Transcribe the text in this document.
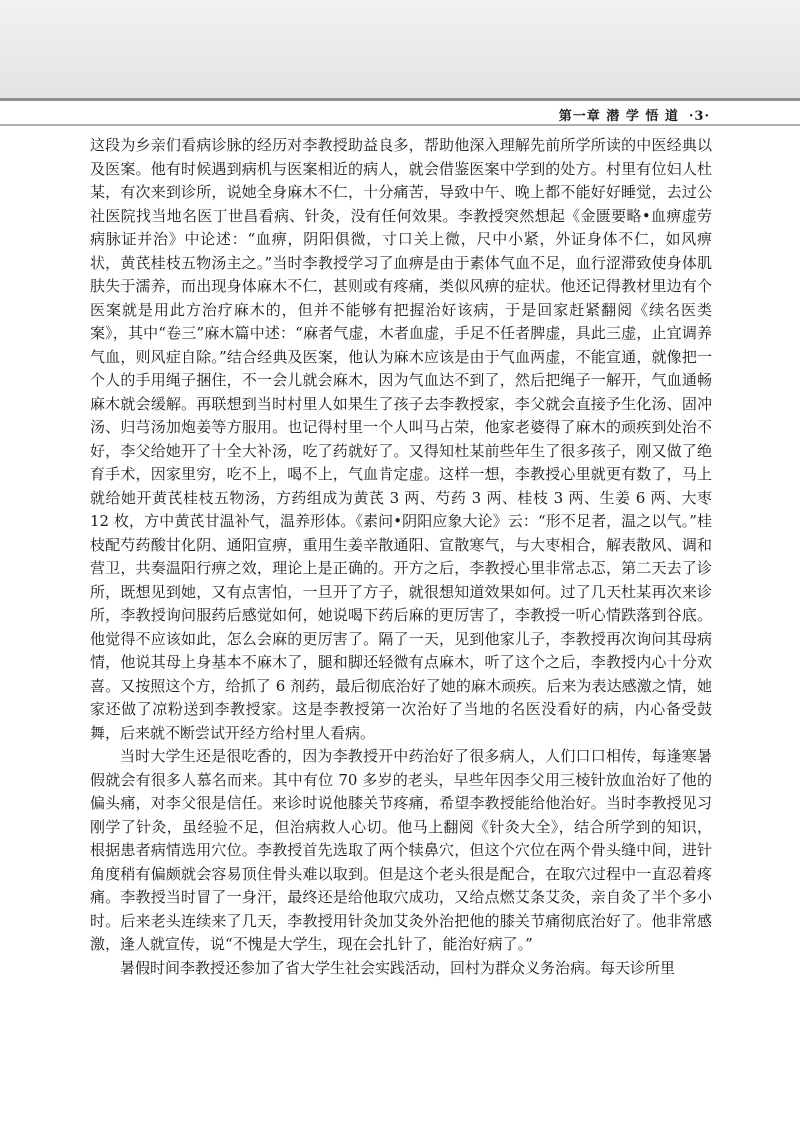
第一章 潜 学 悟 道 ·3·

这段为乡亲们看病诊脉的经历对李教授助益良多，帮助他深入理解先前所学所读的中医经典以及医案。他有时候遇到病机与医案相近的病人，就会借鉴医案中学到的处方。村里有位妇人杜某，有次来到诊所，说她全身麻木不仁，十分痛苦，导致中午、晚上都不能好好睡觉，去过公社医院找当地名医丁世昌看病、针灸，没有任何效果。李教授突然想起《金匮要略•血痹虚劳病脉证并治》中论述：“血痹，阴阳俱微，寸口关上微，尺中小紧，外证身体不仁，如风痹状，黄芪桂枝五物汤主之。”当时李教授学习了血痹是由于素体气血不足，血行涩滞致使身体肌肤失于濡养，而出现身体麻木不仁，甚则或有疼痛，类似风痹的症状。他还记得教材里边有个医案就是用此方治疗麻木的，但并不能够有把握治好该病，于是回家赶紧翻阅《续名医类案》，其中“卷三”麻木篇中述：“麻者气虚，木者血虚，手足不任者脾虚，具此三虚，止宜调养气血，则风症自除。”结合经典及医案，他认为麻木应该是由于气血两虚，不能宣通，就像把一个人的手用绳子捆住，不一会儿就会麻木，因为气血达不到了，然后把绳子一解开，气血通畅麻木就会缓解。再联想到当时村里人如果生了孩子去李教授家，李父就会直接予生化汤、固冲汤、归芎汤加炮姜等方服用。也记得村里一个人叫马占荣，他家老婆得了麻木的顽疾到处治不好，李父给她开了十全大补汤，吃了药就好了。又得知杜某前些年生了很多孩子，刚又做了绝育手术，因家里穷，吃不上，喝不上，气血肯定虚。这样一想，李教授心里就更有数了，马上就给她开黄芪桂枝五物汤，方药组成为黄芪 3 两、芍药 3 两、桂枝 3 两、生姜 6 两、大枣 12 枚，方中黄芪甘温补气，温养形体。《素问•阴阳应象大论》云：“形不足者，温之以气。”桂枝配芍药酸甘化阴、通阳宣痹，重用生姜辛散通阳、宣散寒气，与大枣相合，解表散风、调和营卫，共奏温阳行痹之效，理论上是正确的。开方之后，李教授心里非常忐忑，第二天去了诊所，既想见到她，又有点害怕，一旦开了方子，就很想知道效果如何。过了几天杜某再次来诊所，李教授询问服药后感觉如何，她说喝下药后麻的更厉害了，李教授一听心情跌落到谷底。他觉得不应该如此，怎么会麻的更厉害了。隔了一天，见到他家儿子，李教授再次询问其母病情，他说其母上身基本不麻木了，腿和脚还轻微有点麻木，听了这个之后，李教授内心十分欢喜。又按照这个方，给抓了 6 剂药，最后彻底治好了她的麻木顽疾。后来为表达感激之情，她家还做了凉粉送到李教授家。这是李教授第一次治好了当地的名医没看好的病，内心备受鼓舞，后来就不断尝试开经方给村里人看病。

当时大学生还是很吃香的，因为李教授开中药治好了很多病人，人们口口相传，每逢寒暑假就会有很多人慕名而来。其中有位 70 多岁的老头，早些年因李父用三棱针放血治好了他的偏头痛，对李父很是信任。来诊时说他膝关节疼痛，希望李教授能给他治好。当时李教授见习刚学了针灸，虽经验不足，但治病救人心切。他马上翻阅《针灸大全》，结合所学到的知识，根据患者病情选用穴位。李教授首先选取了两个犊鼻穴，但这个穴位在两个骨头缝中间，进针角度稍有偏颇就会容易顶住骨头难以取到。但是这个老头很是配合，在取穴过程中一直忍着疼痛。李教授当时冒了一身汗，最终还是给他取穴成功，又给点燃艾条艾灸，亲自灸了半个多小时。后来老头连续来了几天，李教授用针灸加艾灸外治把他的膝关节痛彻底治好了。他非常感激，逢人就宣传，说“不愧是大学生，现在会扎针了，能治好病了。”

暑假时间李教授还参加了省大学生社会实践活动，回村为群众义务治病。每天诊所里
